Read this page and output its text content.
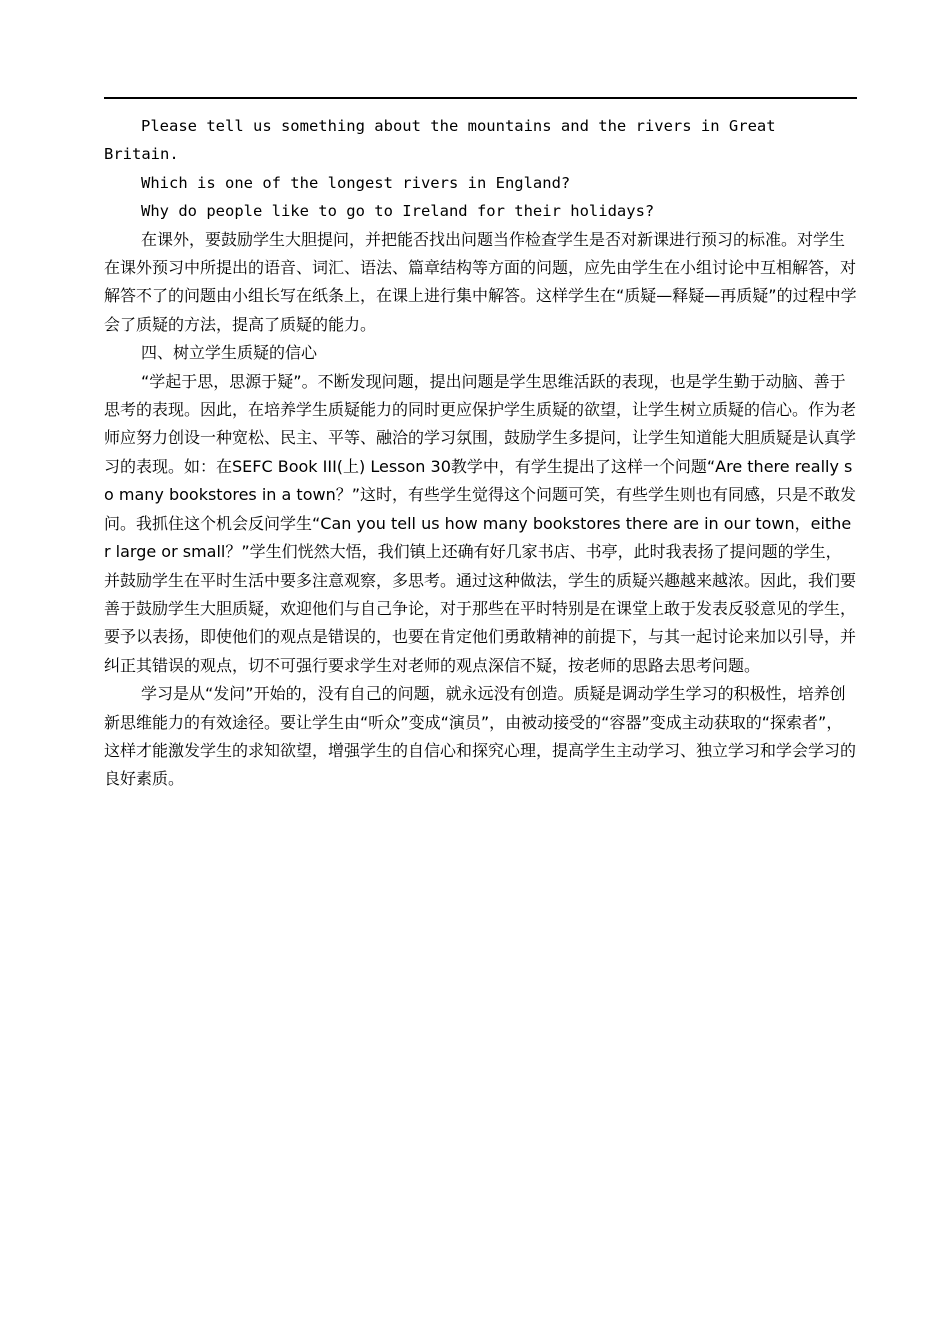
Please tell us something about the mountains and the rivers in Great Britain.

Which is one of the longest rivers in England?

Why do people like to go to Ireland for their holidays?

在课外，要鼓励学生大胆提问，并把能否找出问题当作检查学生是否对新课进行预习的标准。对学生在课外预习中所提出的语音、词汇、语法、篇章结构等方面的问题，应先由学生在小组讨论中互相解答，对解答不了的问题由小组长写在纸条上，在课上进行集中解答。这样学生在“质疑—释疑—再质疑”的过程中学会了质疑的方法，提高了质疑的能力。

四、树立学生质疑的信心

“学起于思，思源于疑”。不断发现问题，提出问题是学生思维活跃的表现，也是学生勤于动脑、善于思考的表现。因此，在培养学生质疑能力的同时更应保护学生质疑的欲望，让学生树立质疑的信心。作为老师应努力创设一种宽松、民主、平等、融洽的学习氛围，鼓励学生多提问，让学生知道能大胆质疑是认真学习的表现。如：在SEFC Book III(上) Lesson 30教学中，有学生提出了这样一个问题“Are there really so many bookstores in a town？”这时，有些学生觉得这个问题可笑，有些学生则也有同感，只是不敢发问。我抓住这个机会反问学生“Can you tell us how many bookstores there are in our town，either large or small？”学生们恍然大悟，我们镇上还确有好几家书店、书亭，此时我表扬了提问题的学生，并鼓励学生在平时生活中要多注意观察，多思考。通过这种做法，学生的质疑兴趣越来越浓。因此，我们要善于鼓励学生大胆质疑，欢迎他们与自己争论，对于那些在平时特别是在课堂上敢于发表反驳意见的学生，要予以表扬，即使他们的观点是错误的，也要在肯定他们勇敢精神的前提下，与其一起讨论来加以引导，并纠正其错误的观点，切不可强行要求学生对老师的观点深信不疑，按老师的思路去思考问题。

学习是从“发问”开始的，没有自己的问题，就永远没有创造。质疑是调动学生学习的积极性，培养创新思维能力的有效途径。要让学生由“听众”变成“演员”，由被动接受的“容器”变成主动获取的“探索者”，这样才能激发学生的求知欲望，增强学生的自信心和探究心理，提高学生主动学习、独立学习和学会学习的良好素质。
